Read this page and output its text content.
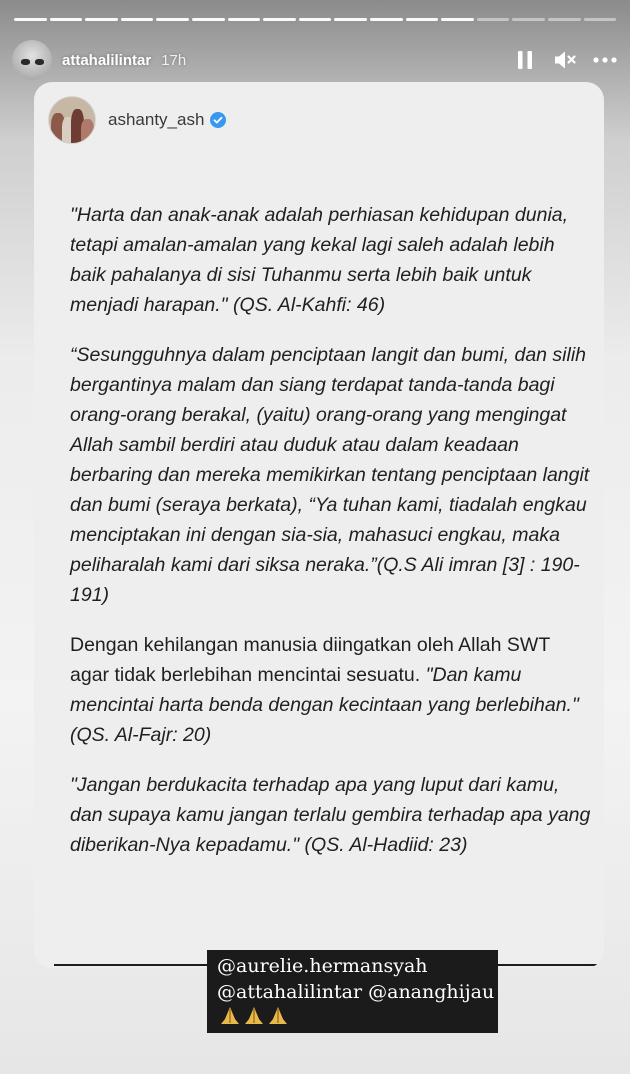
attahalilintar 17h
ashanty_ash

"Harta dan anak-anak adalah perhiasan kehidupan dunia, tetapi amalan-amalan yang kekal lagi saleh adalah lebih baik pahalanya di sisi Tuhanmu serta lebih baik untuk menjadi harapan." (QS. Al-Kahfi: 46)

“Sesungguhnya dalam penciptaan langit dan bumi, dan silih bergantinya malam dan siang terdapat tanda-tanda bagi orang-orang berakal, (yaitu) orang-orang yang mengingat Allah sambil berdiri atau duduk atau dalam keadaan berbaring dan mereka memikirkan tentang penciptaan langit dan bumi (seraya berkata), “Ya tuhan kami, tiadalah engkau menciptakan ini dengan sia-sia, mahasuci engkau, maka peliharalah kami dari siksa neraka.”(Q.S Ali imran [3] : 190-191)

Dengan kehilangan manusia diingatkan oleh Allah SWT agar tidak berlebihan mencintai sesuatu. "Dan kamu mencintai harta benda dengan kecintaan yang berlebihan." (QS. Al-Fajr: 20)

"Jangan berdukacita terhadap apa yang luput dari kamu, dan supaya kamu jangan terlalu gembira terhadap apa yang diberikan-Nya kepadamu." (QS. Al-Hadiid: 23)

@aurelie.hermansyah
@attahalilintar @ananghijau
